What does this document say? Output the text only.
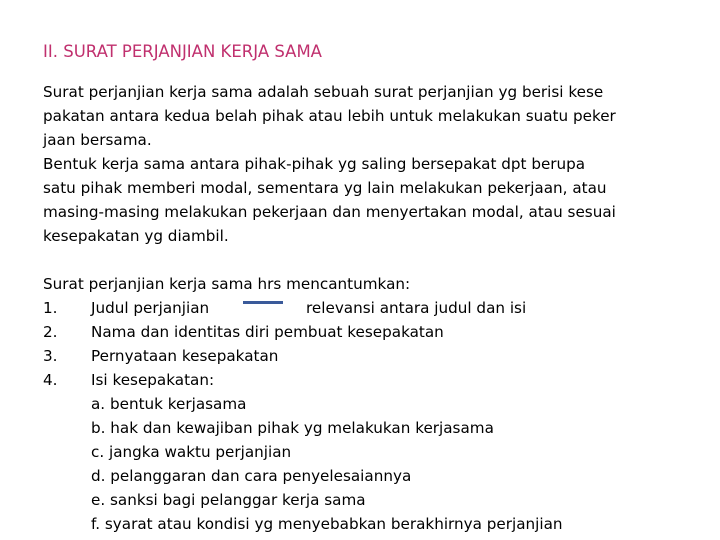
II. SURAT PERJANJIAN KERJA SAMA
Surat perjanjian kerja sama adalah sebuah surat perjanjian yg berisi kese
pakatan antara kedua belah pihak atau lebih untuk melakukan suatu peker
jaan bersama.
Bentuk kerja sama antara pihak-pihak yg saling bersepakat dpt berupa
satu pihak memberi modal, sementara yg lain melakukan pekerjaan, atau
masing-masing melakukan pekerjaan dan menyertakan modal, atau sesuai
kesepakatan yg diambil.
Surat perjanjian kerja sama hrs mencantumkan:
1. Judul perjanjian	relevansi antara judul dan isi
2. Nama dan identitas diri pembuat kesepakatan
3. Pernyataan kesepakatan
4. Isi kesepakatan:
a. bentuk kerjasama
b. hak dan kewajiban pihak yg melakukan kerjasama
c. jangka waktu perjanjian
d. pelanggaran dan cara penyelesaiannya
e. sanksi bagi pelanggar kerja sama
f. syarat atau kondisi yg menyebabkan berakhirnya perjanjian
